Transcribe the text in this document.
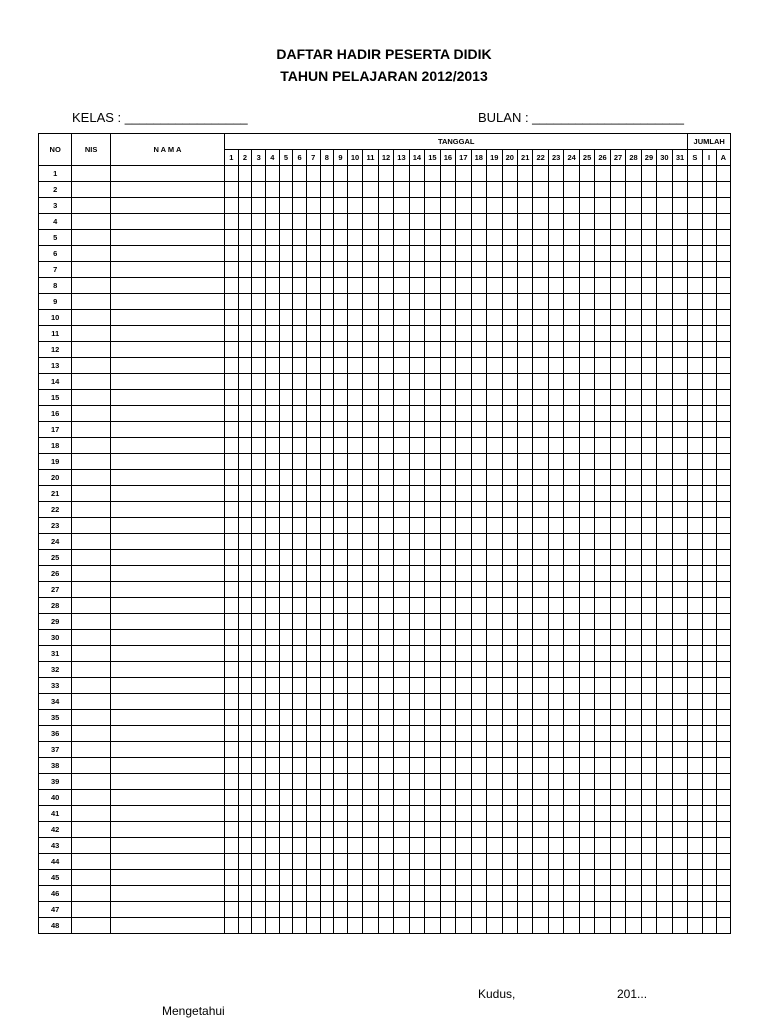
DAFTAR HADIR PESERTA DIDIK
TAHUN PELAJARAN 2012/2013
KELAS : _________________	BULAN : _____________________
NO	NIS	N A M A	TANGGAL																															JUMLAH		
			1	2	3	4	5	6	7	8	9	10	11	12	13	14	15	16	17	18	19	20	21	22	23	24	25	26	27	28	29	30	31	S	I	A
1																																				
2																																				
3																																				
4																																				
5																																				
6																																				
7																																				
8																																				
9																																				
10																																				
11																																				
12																																				
13																																				
14																																				
15																																				
16																																				
17																																				
18																																				
19																																				
20																																				
21																																				
22																																				
23																																				
24																																				
25																																				
26																																				
27																																				
28																																				
29																																				
30																																				
31																																				
32																																				
33																																				
34																																				
35																																				
36																																				
37																																				
38																																				
39																																				
40																																				
41																																				
42																																				
43																																				
44																																				
45																																				
46																																				
47																																				
48																																				
Kudus,	201...
Mengetahui
